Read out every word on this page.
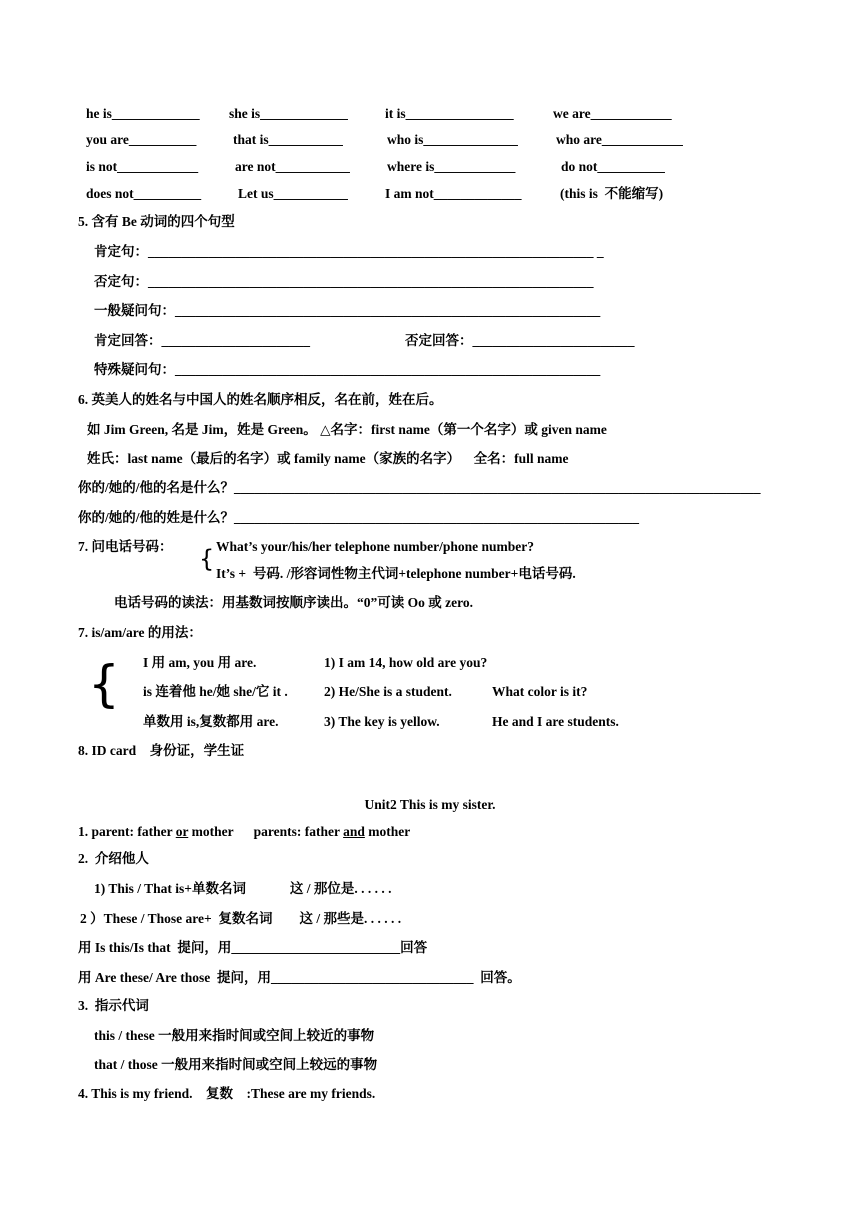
he is_____________ she is_____________	it is________________	we are____________
you are__________	that is___________	who is______________	who are____________
is not____________	are not___________	where is____________	do not__________
does not__________	Let us___________	I am not_____________	(this is  不能缩写)
5. 含有 Be 动词的四个句型
肯定句：__________________________________________________________________ _
否定句：__________________________________________________________________
一般疑问句：_______________________________________________________________
肯定回答：______________________	否定回答：________________________
特殊疑问句：_______________________________________________________________
6. 英美人的姓名与中国人的姓名顺序相反，名在前，姓在后。
如 Jim Green, 名是 Jim，姓是 Green。 △名字：first name（第一个名字）或 given name
姓氏：last name（最后的名字）或 family name（家族的名字）    全名：full name
你的/她的/他的名是什么？______________________________________________________________________________
你的/她的/他的姓是什么？____________________________________________________________
7. 问电话号码： { What’s your/his/her telephone number/phone number?
It’s +  号码. /形容词性物主代词+telephone number+电话号码.
电话号码的读法：用基数词按顺序读出。“0”可读 Oo 或 zero.
7. is/am/are 的用法：
{ I 用 am, you 用 are.	1) I am 14, how old are you?
is 连着他 he/她 she/它 it .	2) He/She is a student.	What color is it?
单数用 is,复数都用 are.	3) The key is yellow.	He and I are students.
8. ID card    身份证，学生证
Unit2 This is my sister.
1. parent: father or mother      parents: father and mother
2.  介绍他人
1) This / That is+单数名词             这 / 那位是. . . . . .
2 ）These / Those are+  复数名词        这 / 那些是. . . . . .
用 Is this/Is that  提问，用_________________________回答
用 Are these/ Are those  提问，用______________________________  回答。
3.  指示代词
this / these 一般用来指时间或空间上较近的事物
that / those 一般用来指时间或空间上较远的事物
4. This is my friend.    复数    :These are my friends.
